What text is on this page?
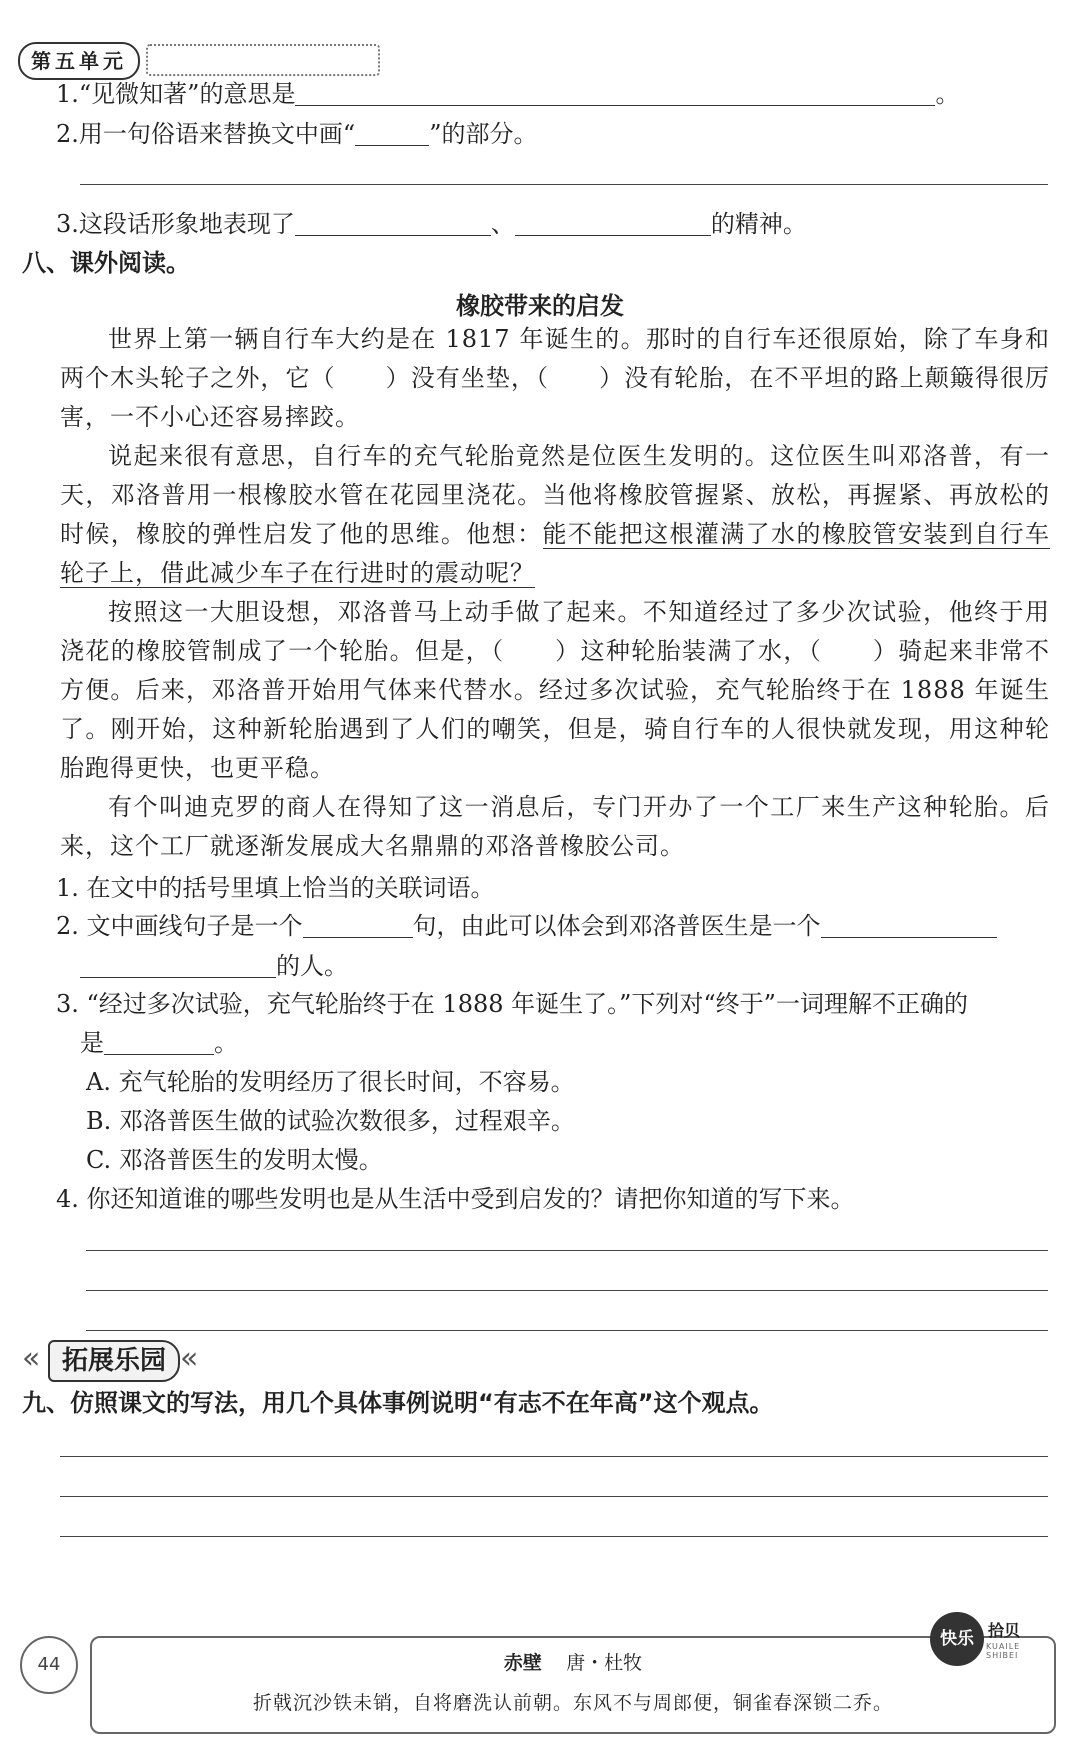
第五单元
1.“见微知著”的意思是	。
2.用一句俗语来替换文中画“	”的部分。
3.这段话形象地表现了	、	的精神。
八、课外阅读。
橡胶带来的启发

世界上第一辆自行车大约是在 1817 年诞生的。那时的自行车还很原始，除了车身和两个木头轮子之外，它（　　）没有坐垫，（　　）没有轮胎，在不平坦的路上颠簸得很厉害，一不小心还容易摔跤。

说起来很有意思，自行车的充气轮胎竟然是位医生发明的。这位医生叫邓洛普，有一天，邓洛普用一根橡胶水管在花园里浇花。当他将橡胶管握紧、放松，再握紧、再放松的时候，橡胶的弹性启发了他的思维。他想：能不能把这根灌满了水的橡胶管安装到自行车轮子上，借此减少车子在行进时的震动呢？

按照这一大胆设想，邓洛普马上动手做了起来。不知道经过了多少次试验，他终于用浇花的橡胶管制成了一个轮胎。但是，（　　）这种轮胎装满了水，（　　）骑起来非常不方便。后来，邓洛普开始用气体来代替水。经过多次试验，充气轮胎终于在 1888 年诞生了。刚开始，这种新轮胎遇到了人们的嘲笑，但是，骑自行车的人很快就发现，用这种轮胎跑得更快，也更平稳。

有个叫迪克罗的商人在得知了这一消息后，专门开办了一个工厂来生产这种轮胎。后来，这个工厂就逐渐发展成大名鼎鼎的邓洛普橡胶公司。

1. 在文中的括号里填上恰当的关联词语。
2. 文中画线句子是一个	句，由此可以体会到邓洛普医生是一个
的人。
3. “经过多次试验，充气轮胎终于在 1888 年诞生了。”下列对“终于”一词理解不正确的
是	。
A. 充气轮胎的发明经历了很长时间，不容易。
B. 邓洛普医生做的试验次数很多，过程艰辛。
C. 邓洛普医生的发明太慢。
4. 你还知道谁的哪些发明也是从生活中受到启发的？请把你知道的写下来。
« 拓展乐园 «
九、仿照课文的写法，用几个具体事例说明“有志不在年高”这个观点。
44	赤壁 唐・杜牧
折戟沉沙铁未销，自将磨洗认前朝。东风不与周郎便，铜雀春深锁二乔。
快乐 拾贝
KUAILE SHIBEI
